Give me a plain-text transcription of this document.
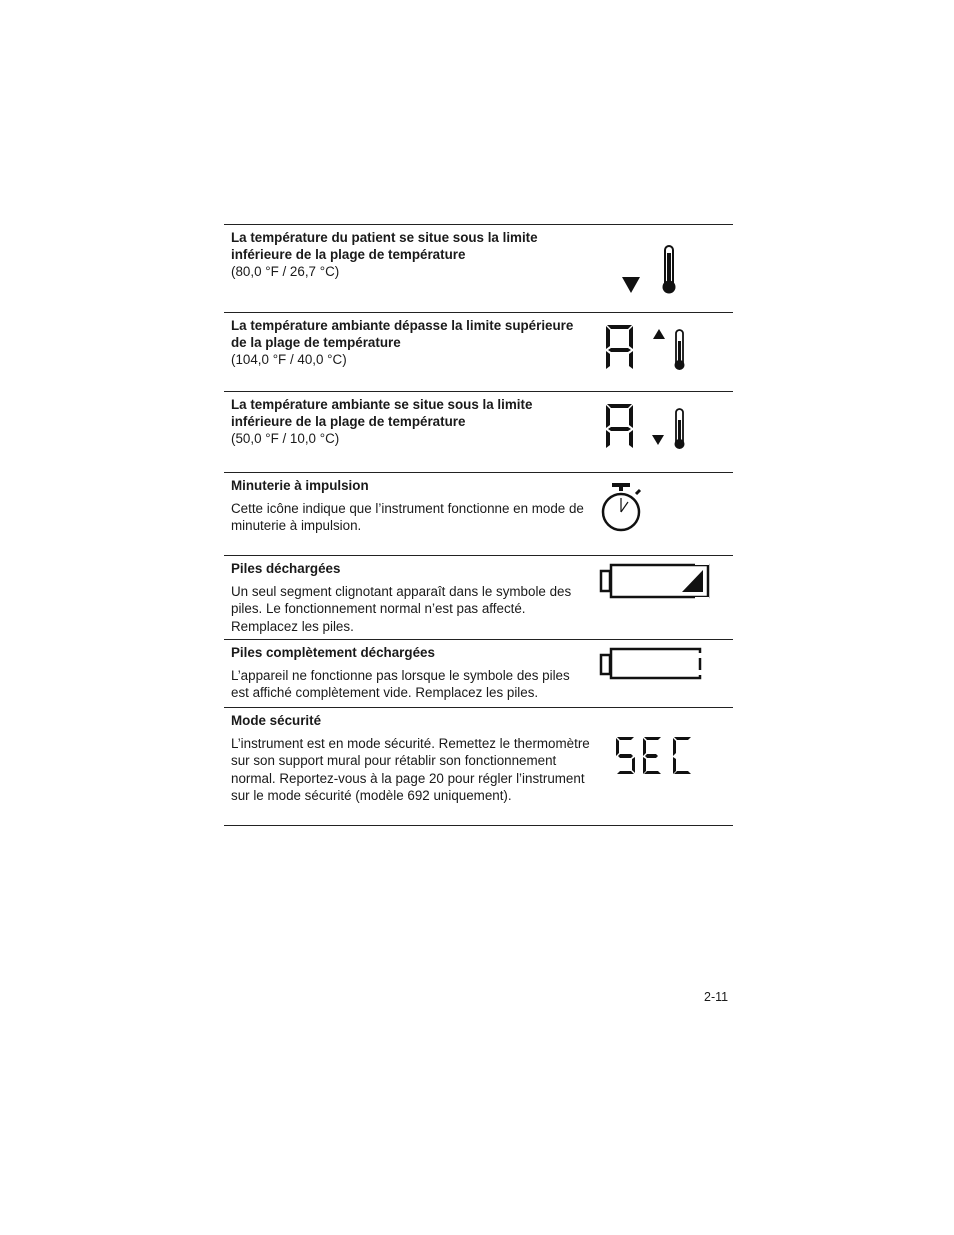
La température du patient se situe sous la limite inférieure de la plage de température
(80,0 °F / 26,7 °C)
La température ambiante dépasse la limite supérieure de la plage de température
(104,0 °F / 40,0 °C)
La température ambiante se situe sous la limite inférieure de la plage de température
(50,0 °F / 10,0 °C)
Minuterie à impulsion
Cette icône indique que l’instrument fonctionne en mode de minuterie à impulsion.
Piles déchargées
Un seul segment clignotant apparaît dans le symbole des piles. Le fonctionnement normal n’est pas affecté. Remplacez les piles.
Piles complètement déchargées
L’appareil ne fonctionne pas lorsque le symbole des piles est affiché complètement vide. Remplacez les piles.
Mode sécurité
L’instrument est en mode sécurité. Remettez le thermomètre sur son support mural pour rétablir son fonctionnement normal. Reportez-vous à la page 20 pour régler l’instrument sur le mode sécurité (modèle 692 uniquement).
2-11
